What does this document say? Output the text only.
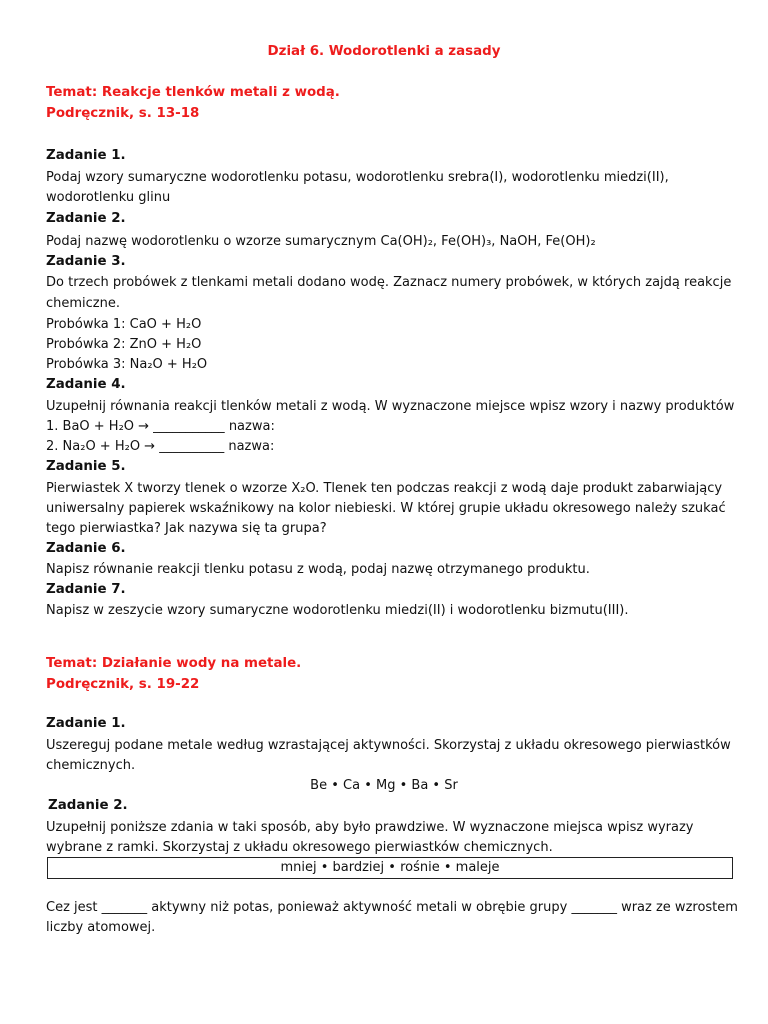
Dział 6. Wodorotlenki a zasady
Temat: Reakcje tlenków metali z wodą.
Podręcznik, s. 13-18
Zadanie 1.
Podaj wzory sumaryczne wodorotlenku potasu, wodorotlenku srebra(I), wodorotlenku miedzi(II),
wodorotlenku glinu
Zadanie 2.
Podaj nazwę wodorotlenku o wzorze sumarycznym Ca(OH)₂, Fe(OH)₃, NaOH, Fe(OH)₂
Zadanie 3.
Do trzech probówek z tlenkami metali dodano wodę. Zaznacz numery probówek, w których zajdą reakcje
chemiczne.
Probówka 1: CaO + H₂O
Probówka 2: ZnO + H₂O
Probówka 3: Na₂O + H₂O
Zadanie 4.
Uzupełnij równania reakcji tlenków metali z wodą. W wyznaczone miejsce wpisz wzory i nazwy produktów
1. BaO + H₂O → ___________ nazwa:
2. Na₂O + H₂O → __________ nazwa:
Zadanie 5.
Pierwiastek X tworzy tlenek o wzorze X₂O. Tlenek ten podczas reakcji z wodą daje produkt zabarwiający
uniwersalny papierek wskaźnikowy na kolor niebieski. W której grupie układu okresowego należy szukać
tego pierwiastka? Jak nazywa się ta grupa?
Zadanie 6.
Napisz równanie reakcji tlenku potasu z wodą, podaj nazwę otrzymanego produktu.
Zadanie 7.
Napisz w zeszycie wzory sumaryczne wodorotlenku miedzi(II) i wodorotlenku bizmutu(III).
Temat: Działanie wody na metale.
Podręcznik, s. 19-22
Zadanie 1.
Uszereguj podane metale według wzrastającej aktywności. Skorzystaj z układu okresowego pierwiastków
chemicznych.
Be • Ca • Mg • Ba • Sr
Zadanie 2.
Uzupełnij poniższe zdania w taki sposób, aby było prawdziwe. W wyznaczone miejsca wpisz wyrazy
wybrane z ramki. Skorzystaj z układu okresowego pierwiastków chemicznych.
mniej • bardziej • rośnie • maleje
Cez jest _______ aktywny niż potas, ponieważ aktywność metali w obrębie grupy _______ wraz ze wzrostem
liczby atomowej.
